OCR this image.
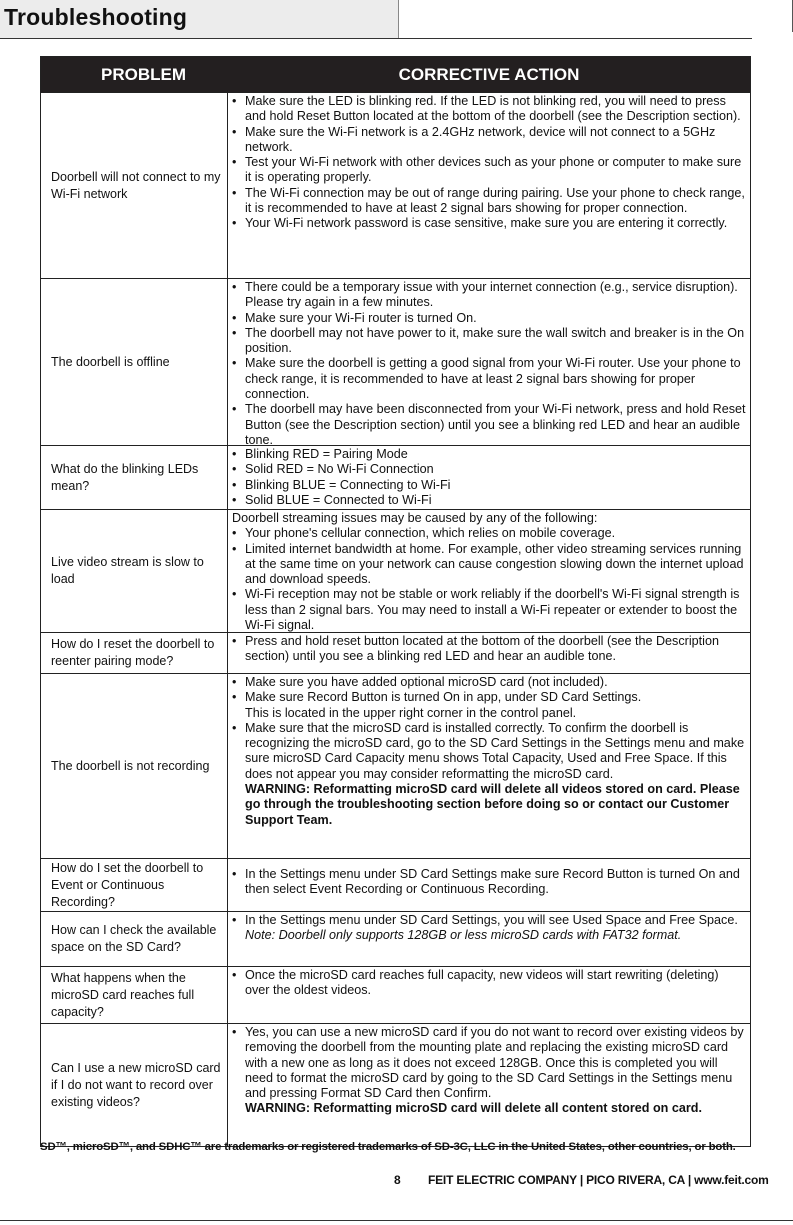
Troubleshooting
PROBLEM	CORRECTIVE ACTION
Doorbell will not connect to my Wi-Fi network
• Make sure the LED is blinking red. If the LED is not blinking red, you will need to press and hold Reset Button located at the bottom of the doorbell (see the Description section).
• Make sure the Wi-Fi network is a 2.4GHz network, device will not connect to a 5GHz network.
• Test your Wi-Fi network with other devices such as your phone or computer to make sure it is operating properly.
• The Wi-Fi connection may be out of range during pairing. Use your phone to check range, it is recommended to have at least 2 signal bars showing for proper connection.
• Your Wi-Fi network password is case sensitive, make sure you are entering it correctly.
The doorbell is offline
• There could be a temporary issue with your internet connection (e.g., service disruption). Please try again in a few minutes.
• Make sure your Wi-Fi router is turned On.
• The doorbell may not have power to it, make sure the wall switch and breaker is in the On position.
• Make sure the doorbell is getting a good signal from your Wi-Fi router. Use your phone to check range, it is recommended to have at least 2 signal bars showing for proper connection.
• The doorbell may have been disconnected from your Wi-Fi network, press and hold Reset Button (see the Description section) until you see a blinking red LED and hear an audible tone.
What do the blinking LEDs mean?
• Blinking RED = Pairing Mode
• Solid RED = No Wi-Fi Connection
• Blinking BLUE = Connecting to Wi-Fi
• Solid BLUE = Connected to Wi-Fi
Live video stream is slow to load
Doorbell streaming issues may be caused by any of the following:
• Your phone's cellular connection, which relies on mobile coverage.
• Limited internet bandwidth at home. For example, other video streaming services running at the same time on your network can cause congestion slowing down the internet upload and download speeds.
• Wi-Fi reception may not be stable or work reliably if the doorbell's Wi-Fi signal strength is less than 2 signal bars. You may need to install a Wi-Fi repeater or extender to boost the Wi-Fi signal.
How do I reset the doorbell to reenter pairing mode?
• Press and hold reset button located at the bottom of the doorbell (see the Description section) until you see a blinking red LED and hear an audible tone.
The doorbell is not recording
• Make sure you have added optional microSD card (not included).
• Make sure Record Button is turned On in app, under SD Card Settings.
This is located in the upper right corner in the control panel.
• Make sure that the microSD card is installed correctly. To confirm the doorbell is recognizing the microSD card, go to the SD Card Settings in the Settings menu and make sure microSD Card Capacity menu shows Total Capacity, Used and Free Space. If this does not appear you may consider reformatting the microSD card.
WARNING: Reformatting microSD card will delete all videos stored on card. Please go through the troubleshooting section before doing so or contact our Customer Support Team.
How do I set the doorbell to Event or Continuous Recording?
• In the Settings menu under SD Card Settings make sure Record Button is turned On and then select Event Recording or Continuous Recording.
How can I check the available space on the SD Card?
• In the Settings menu under SD Card Settings, you will see Used Space and Free Space.
Note: Doorbell only supports 128GB or less microSD cards with FAT32 format.
What happens when the microSD card reaches full capacity?
• Once the microSD card reaches full capacity, new videos will start rewriting (deleting) over the oldest videos.
Can I use a new microSD card if I do not want to record over existing videos?
• Yes, you can use a new microSD card if you do not want to record over existing videos by removing the doorbell from the mounting plate and replacing the existing microSD card with a new one as long as it does not exceed 128GB. Once this is completed you will need to format the microSD card by going to the SD Card Settings in the Settings menu and pressing Format SD Card then Confirm.
WARNING: Reformatting microSD card will delete all content stored on card.
SD™, microSD™, and SDHC™ are trademarks or registered trademarks of SD-3C, LLC in the United States, other countries, or both.
8 FEIT ELECTRIC COMPANY | PICO RIVERA, CA | www.feit.com
